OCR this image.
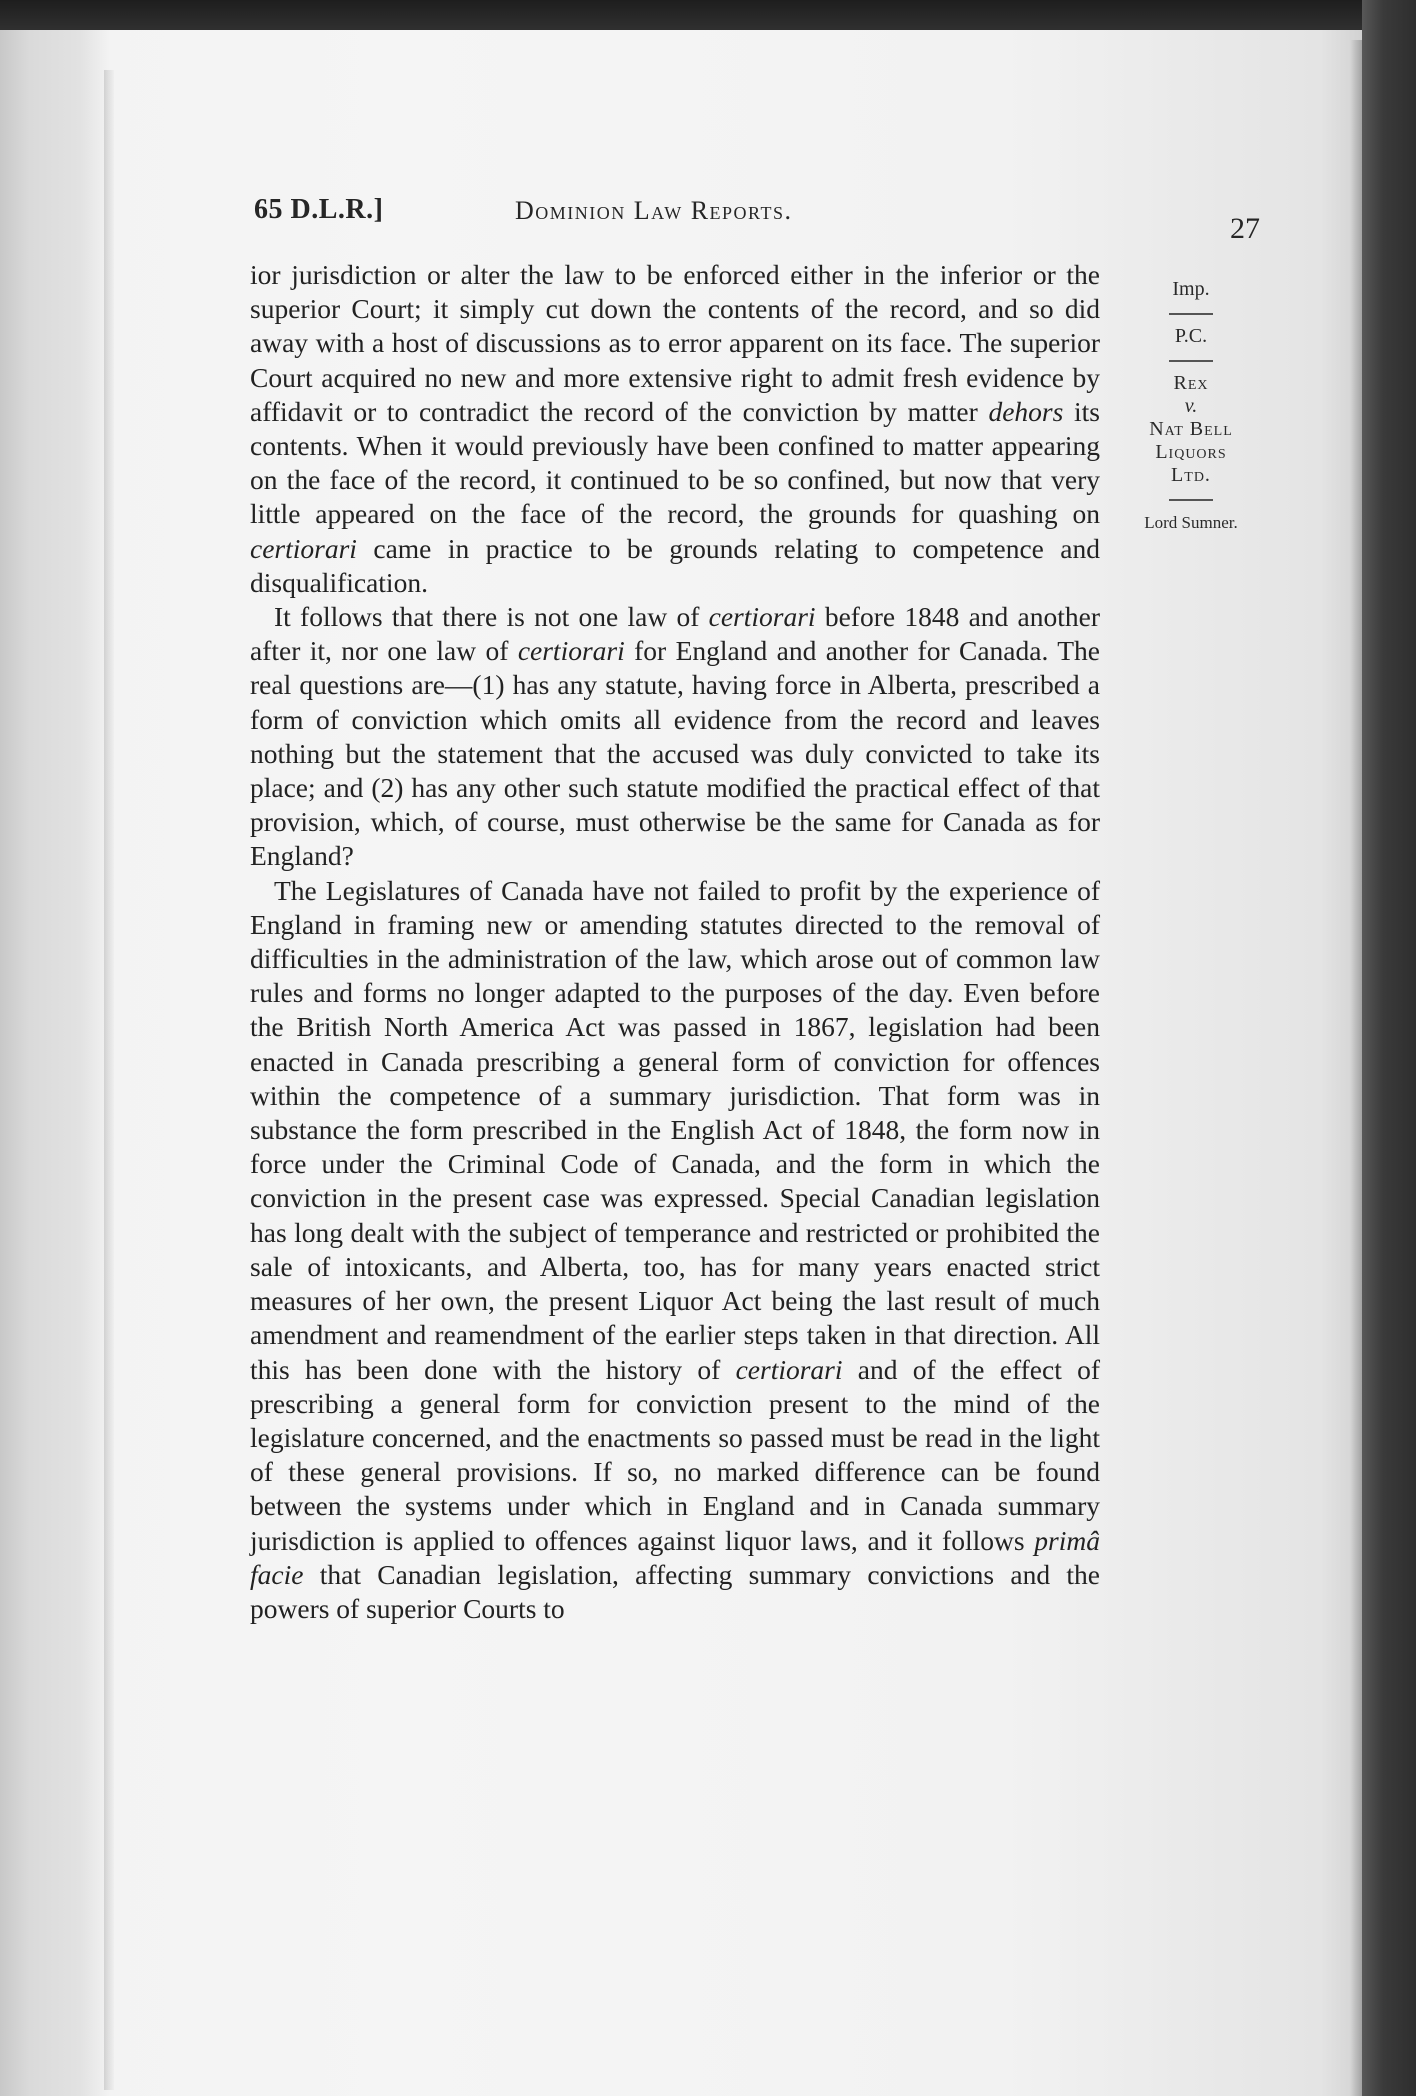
65 D.L.R.]	Dominion Law Reports.
27

ior jurisdiction or alter the law to be enforced either in the inferior or the superior Court; it simply cut down the contents of the record, and so did away with a host of discussions as to error apparent on its face. The superior Court acquired no new and more extensive right to admit fresh evidence by affidavit or to contradict the record of the conviction by matter dehors its contents. When it would previously have been confined to matter appearing on the face of the record, it continued to be so confined, but now that very little appeared on the face of the record, the grounds for quashing on certiorari came in practice to be grounds relating to competence and disqualification.

It follows that there is not one law of certiorari before 1848 and another after it, nor one law of certiorari for England and another for Canada. The real questions are—(1) has any statute, having force in Alberta, prescribed a form of conviction which omits all evidence from the record and leaves nothing but the statement that the accused was duly convicted to take its place; and (2) has any other such statute modified the practical effect of that provision, which, of course, must otherwise be the same for Canada as for England?

The Legislatures of Canada have not failed to profit by the experience of England in framing new or amending statutes directed to the removal of difficulties in the administration of the law, which arose out of common law rules and forms no longer adapted to the purposes of the day. Even before the British North America Act was passed in 1867, legislation had been enacted in Canada prescribing a general form of conviction for offences within the competence of a summary jurisdiction. That form was in substance the form prescribed in the English Act of 1848, the form now in force under the Criminal Code of Canada, and the form in which the conviction in the present case was expressed. Special Canadian legislation has long dealt with the subject of temperance and restricted or prohibited the sale of intoxicants, and Alberta, too, has for many years enacted strict measures of her own, the present Liquor Act being the last result of much amendment and reamendment of the earlier steps taken in that direction. All this has been done with the history of certiorari and of the effect of prescribing a general form for conviction present to the mind of the legislature concerned, and the enactments so passed must be read in the light of these general provisions. If so, no marked difference can be found between the systems under which in England and in Canada summary jurisdiction is applied to offences against liquor laws, and it follows primâ facie that Canadian legislation, affecting summary convictions and the powers of superior Courts to

Imp.
P.C.
Rex
v.
Nat Bell
Liquors
Ltd.
Lord Sumner.
